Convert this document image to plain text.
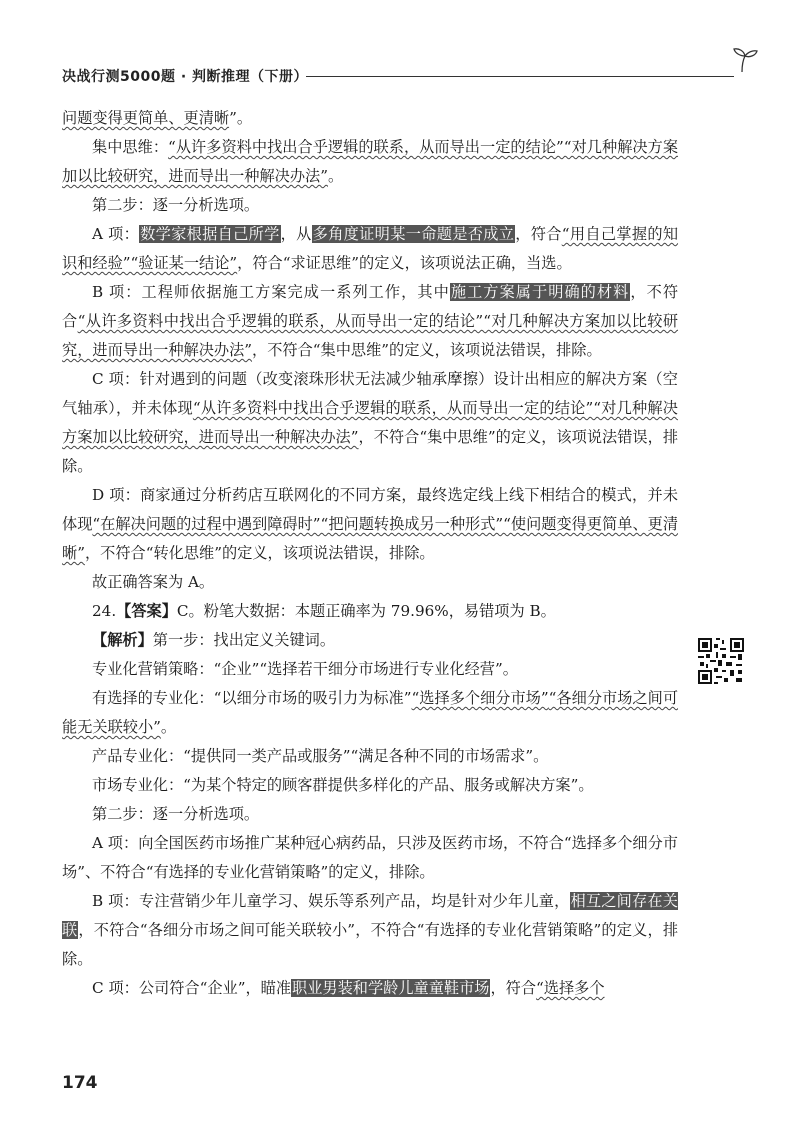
决战行测5000题 · 判断推理（下册）

问题变得更简单、更清晰”。

集中思维：“从许多资料中找出合乎逻辑的联系，从而导出一定的结论”“对几种解决方案加以比较研究，进而导出一种解决办法”。

第二步：逐一分析选项。

A 项：数学家根据自己所学，从多角度证明某一命题是否成立，符合“用自己掌握的知识和经验”“验证某一结论”，符合“求证思维”的定义，该项说法正确，当选。

B 项：工程师依据施工方案完成一系列工作，其中施工方案属于明确的材料，不符合“从许多资料中找出合乎逻辑的联系，从而导出一定的结论”“对几种解决方案加以比较研究，进而导出一种解决办法”，不符合“集中思维”的定义，该项说法错误，排除。

C 项：针对遇到的问题（改变滚珠形状无法减少轴承摩擦）设计出相应的解决方案（空气轴承），并未体现“从许多资料中找出合乎逻辑的联系，从而导出一定的结论”“对几种解决方案加以比较研究，进而导出一种解决办法”，不符合“集中思维”的定义，该项说法错误，排除。

D 项：商家通过分析药店互联网化的不同方案，最终选定线上线下相结合的模式，并未体现“在解决问题的过程中遇到障碍时”“把问题转换成另一种形式”“使问题变得更简单、更清晰”，不符合“转化思维”的定义，该项说法错误，排除。

故正确答案为 A。

24.【答案】C。粉笔大数据：本题正确率为 79.96%，易错项为 B。

【解析】第一步：找出定义关键词。

专业化营销策略：“企业”“选择若干细分市场进行专业化经营”。

有选择的专业化：“以细分市场的吸引力为标准”“选择多个细分市场”“各细分市场之间可能无关联较小”。

产品专业化：“提供同一类产品或服务”“满足各种不同的市场需求”。

市场专业化：“为某个特定的顾客群提供多样化的产品、服务或解决方案”。

第二步：逐一分析选项。

A 项：向全国医药市场推广某种冠心病药品，只涉及医药市场，不符合“选择多个细分市场”、不符合“有选择的专业化营销策略”的定义，排除。

B 项：专注营销少年儿童学习、娱乐等系列产品，均是针对少年儿童，相互之间存在关联，不符合“各细分市场之间可能关联较小”，不符合“有选择的专业化营销策略”的定义，排除。

C 项：公司符合“企业”，瞄准职业男装和学龄儿童童鞋市场，符合“选择多个

174
